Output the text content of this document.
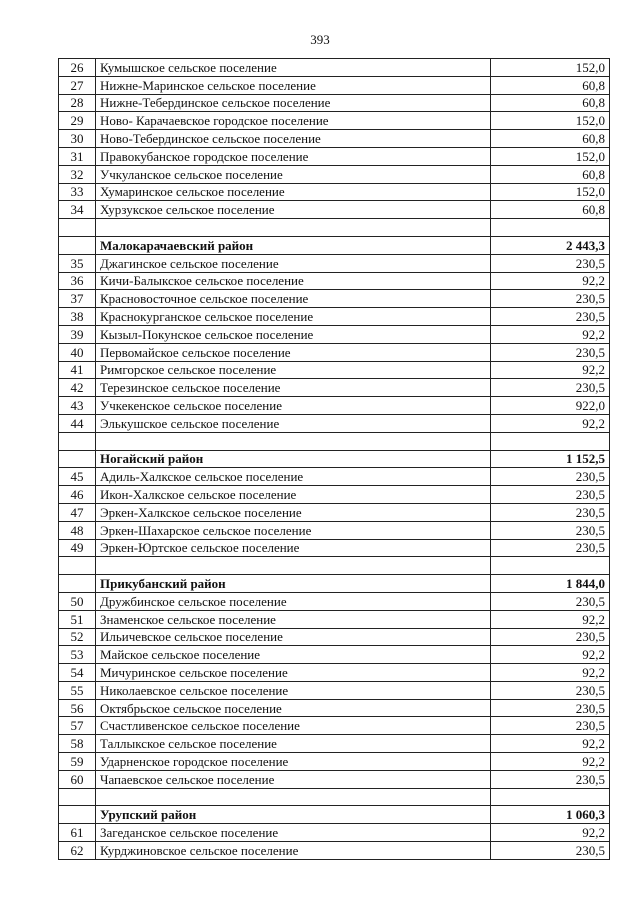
393
26	Кумышское сельское поселение	152,0
27	Нижне-Маринское сельское поселение	60,8
28	Нижне-Тебердинское сельское поселение	60,8
29	Ново- Карачаевское городское поселение	152,0
30	Ново-Тебердинское сельское поселение	60,8
31	Правокубанское городское поселение	152,0
32	Учкуланское сельское поселение	60,8
33	Хумаринское сельское поселение	152,0
34	Хурзукское сельское поселение	60,8

	Малокарачаевский район	2 443,3
35	Джагинское сельское поселение	230,5
36	Кичи-Балыкское сельское поселение	92,2
37	Красновосточное сельское поселение	230,5
38	Краснокурганское сельское поселение	230,5
39	Кызыл-Покунское сельское поселение	92,2
40	Первомайское сельское поселение	230,5
41	Римгорское сельское поселение	92,2
42	Терезинское сельское поселение	230,5
43	Учкекенское сельское поселение	922,0
44	Элькушское сельское поселение	92,2

	Ногайский район	1 152,5
45	Адиль-Халкское сельское поселение	230,5
46	Икон-Халкское сельское поселение	230,5
47	Эркен-Халкское сельское поселение	230,5
48	Эркен-Шахарское сельское поселение	230,5
49	Эркен-Юртское сельское поселение	230,5

	Прикубанский район	1 844,0
50	Дружбинское сельское поселение	230,5
51	Знаменское сельское поселение	92,2
52	Ильичевское сельское поселение	230,5
53	Майское сельское поселение	92,2
54	Мичуринское сельское поселение	92,2
55	Николаевское сельское поселение	230,5
56	Октябрьское сельское поселение	230,5
57	Счастливенское сельское поселение	230,5
58	Таллыкское сельское поселение	92,2
59	Ударненское городское поселение	92,2
60	Чапаевское сельское поселение	230,5

	Урупский район	1 060,3
61	Загеданское сельское поселение	92,2
62	Курджиновское сельское поселение	230,5
